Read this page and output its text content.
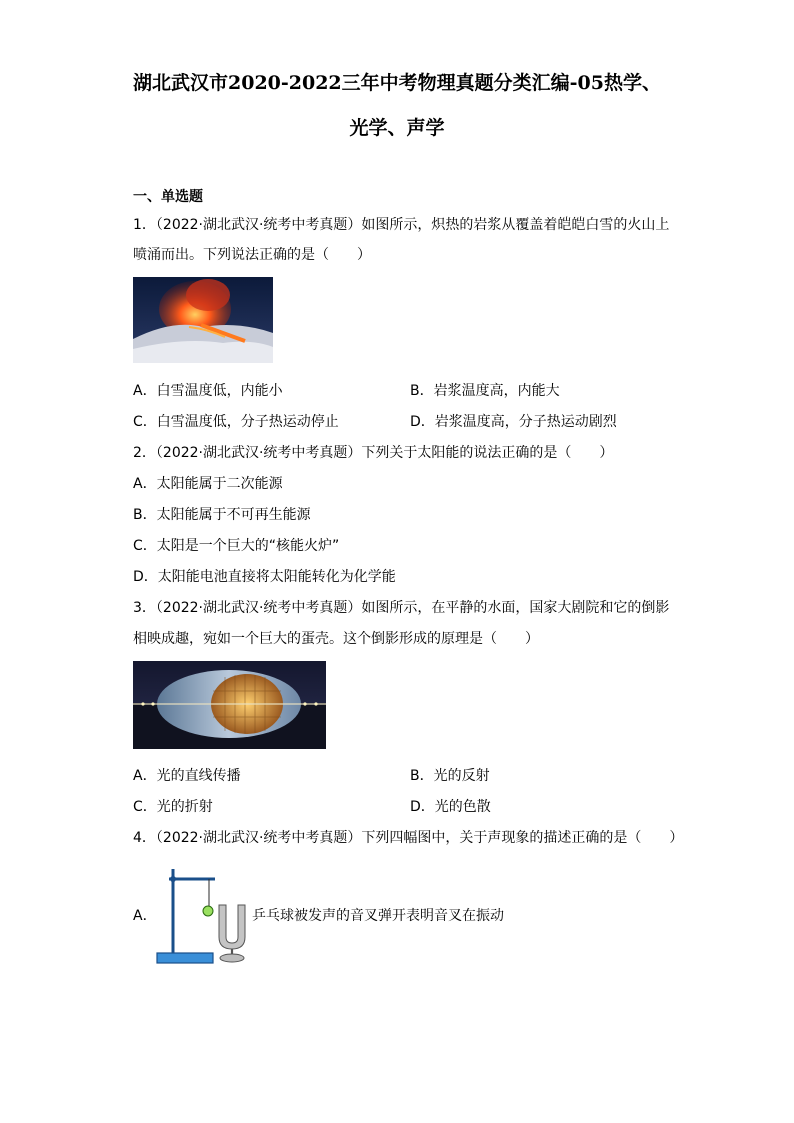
湖北武汉市2020-2022三年中考物理真题分类汇编-05热学、
光学、声学
一、单选题
1．（2022·湖北武汉·统考中考真题）如图所示，炽热的岩浆从覆盖着皑皑白雪的火山上
喷涌而出。下列说法正确的是（　　）
A．白雪温度低，内能小	B．岩浆温度高，内能大
C．白雪温度低，分子热运动停止	D．岩浆温度高，分子热运动剧烈
2．（2022·湖北武汉·统考中考真题）下列关于太阳能的说法正确的是（　　）
A．太阳能属于二次能源
B．太阳能属于不可再生能源
C．太阳是一个巨大的“核能火炉”
D．太阳能电池直接将太阳能转化为化学能
3．（2022·湖北武汉·统考中考真题）如图所示，在平静的水面，国家大剧院和它的倒影
相映成趣，宛如一个巨大的蛋壳。这个倒影形成的原理是（　　）
A．光的直线传播	B．光的反射
C．光的折射	D．光的色散
4．（2022·湖北武汉·统考中考真题）下列四幅图中，关于声现象的描述正确的是（　　）
A．	乒乓球被发声的音叉弹开表明音叉在振动
